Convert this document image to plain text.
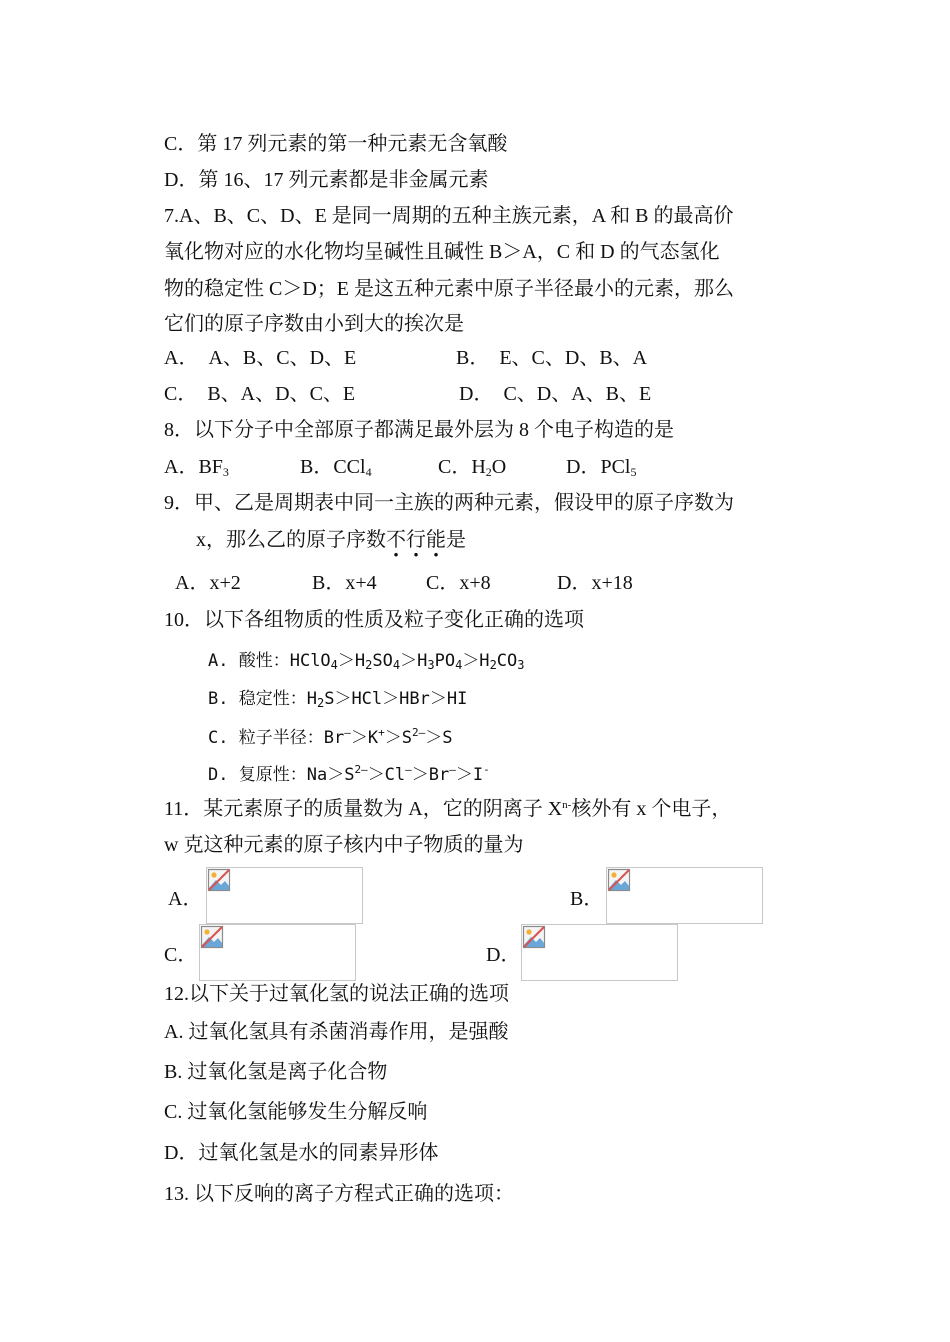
C．第 17 列元素的第一种元素无含氧酸
D．第 16、17 列元素都是非金属元素
7.A、B、C、D、E 是同一周期的五种主族元素，A 和 B 的最高价
氧化物对应的水化物均呈碱性且碱性 B＞A，C 和 D 的气态氢化
物的稳定性 C＞D；E 是这五种元素中原子半径最小的元素，那么
它们的原子序数由小到大的挨次是
A．　A、B、C、D、E	B．　E、C、D、B、A
C．　B、A、D、C、E	D．　C、D、A、B、E
8．以下分子中全部原子都满足最外层为 8 个电子构造的是
A．$BF_3$	B．CCl$_4$	C．$H_2O$	D．PCl$_5$
9．甲、乙是周期表中同一主族的两种元素，假设甲的原子序数为
x，那么乙的原子序数不行能是
A．x+2	B．x+4 C．x+8	D．x+18
10．以下各组物质的性质及粒子变化正确的选项
A. 酸性：$HClO_4>H_2SO_4>H_3PO_4>H_2CO_3$
B. 稳定性：$H_2S>HCl>HBr>HI$
C. 粒子半径：$Br^—>K^+>S^{2—}>S$
D. 复原性：$Na>S^{2—}>Cl^—>Br^—>I^-$
11．某元素原子的质量数为 A，它的阴离子 $X^{n-}$核外有 x 个电子，
w 克这种元素的原子核内中子物质的量为
A．	B．
C．	D．
12.以下关于过氧化氢的说法正确的选项
A. 过氧化氢具有杀菌消毒作用，是强酸
B. 过氧化氢是离子化合物
C. 过氧化氢能够发生分解反响
D．过氧化氢是水的同素异形体
13. 以下反响的离子方程式正确的选项：
